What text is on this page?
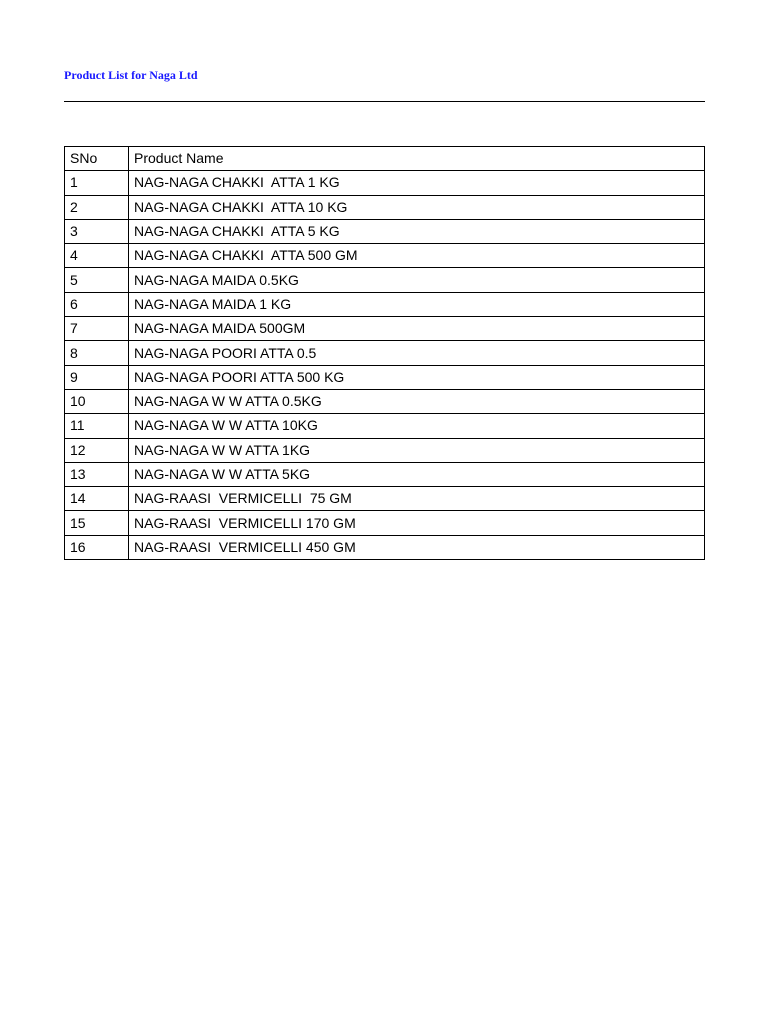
Product List for Naga Ltd
SNo	Product Name
1	NAG-NAGA CHAKKI  ATTA 1 KG
2	NAG-NAGA CHAKKI  ATTA 10 KG
3	NAG-NAGA CHAKKI  ATTA 5 KG
4	NAG-NAGA CHAKKI  ATTA 500 GM
5	NAG-NAGA MAIDA 0.5KG
6	NAG-NAGA MAIDA 1 KG
7	NAG-NAGA MAIDA 500GM
8	NAG-NAGA POORI ATTA 0.5
9	NAG-NAGA POORI ATTA 500 KG
10	NAG-NAGA W W ATTA 0.5KG
11	NAG-NAGA W W ATTA 10KG
12	NAG-NAGA W W ATTA 1KG
13	NAG-NAGA W W ATTA 5KG
14	NAG-RAASI  VERMICELLI  75 GM
15	NAG-RAASI  VERMICELLI 170 GM
16	NAG-RAASI  VERMICELLI 450 GM
